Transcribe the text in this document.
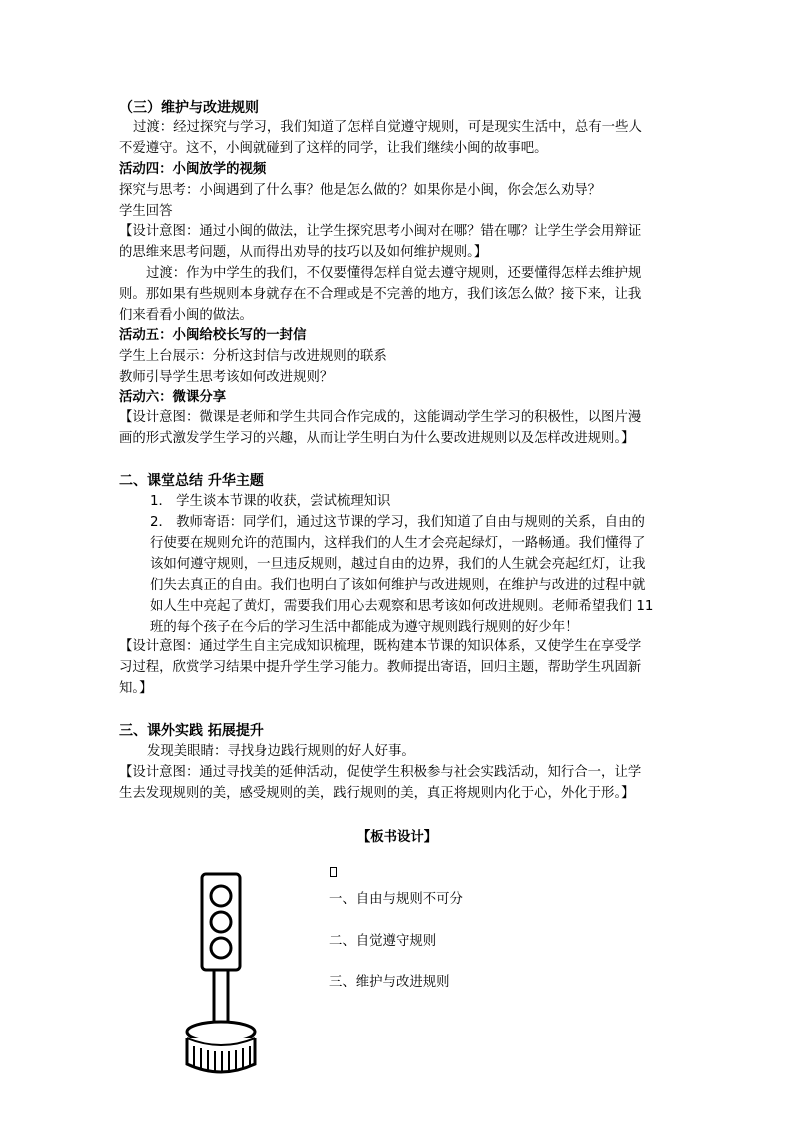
（三）维护与改进规则
过渡：经过探究与学习，我们知道了怎样自觉遵守规则，可是现实生活中，总有一些人
不爱遵守。这不，小闽就碰到了这样的同学，让我们继续小闽的故事吧。
活动四：小闽放学的视频
探究与思考：小闽遇到了什么事？他是怎么做的？如果你是小闽，你会怎么劝导？
学生回答
【设计意图：通过小闽的做法，让学生探究思考小闽对在哪？错在哪？让学生学会用辩证
的思维来思考问题，从而得出劝导的技巧以及如何维护规则。】
过渡：作为中学生的我们，不仅要懂得怎样自觉去遵守规则，还要懂得怎样去维护规
则。那如果有些规则本身就存在不合理或是不完善的地方，我们该怎么做？接下来，让我
们来看看小闽的做法。
活动五：小闽给校长写的一封信
学生上台展示：分析这封信与改进规则的联系
教师引导学生思考该如何改进规则？
活动六：微课分享
【设计意图：微课是老师和学生共同合作完成的，这能调动学生学习的积极性，以图片漫
画的形式激发学生学习的兴趣，从而让学生明白为什么要改进规则以及怎样改进规则。】
二、课堂总结 升华主题
1． 学生谈本节课的收获，尝试梳理知识
2． 教师寄语：同学们，通过这节课的学习，我们知道了自由与规则的关系，自由的
行使要在规则允许的范围内，这样我们的人生才会亮起绿灯，一路畅通。我们懂得了
该如何遵守规则，一旦违反规则，越过自由的边界，我们的人生就会亮起红灯，让我
们失去真正的自由。我们也明白了该如何维护与改进规则，在维护与改进的过程中就
如人生中亮起了黄灯，需要我们用心去观察和思考该如何改进规则。老师希望我们 11
班的每个孩子在今后的学习生活中都能成为遵守规则践行规则的好少年！
【设计意图：通过学生自主完成知识梳理，既构建本节课的知识体系，又使学生在享受学
习过程，欣赏学习结果中提升学生学习能力。教师提出寄语，回归主题，帮助学生巩固新
知。】
三、课外实践 拓展提升
发现美眼睛：寻找身边践行规则的好人好事。
【设计意图：通过寻找美的延伸活动，促使学生积极参与社会实践活动，知行合一，让学
生去发现规则的美，感受规则的美，践行规则的美，真正将规则内化于心，外化于形。】
【板书设计】
一、自由与规则不可分
二、自觉遵守规则
三、维护与改进规则
